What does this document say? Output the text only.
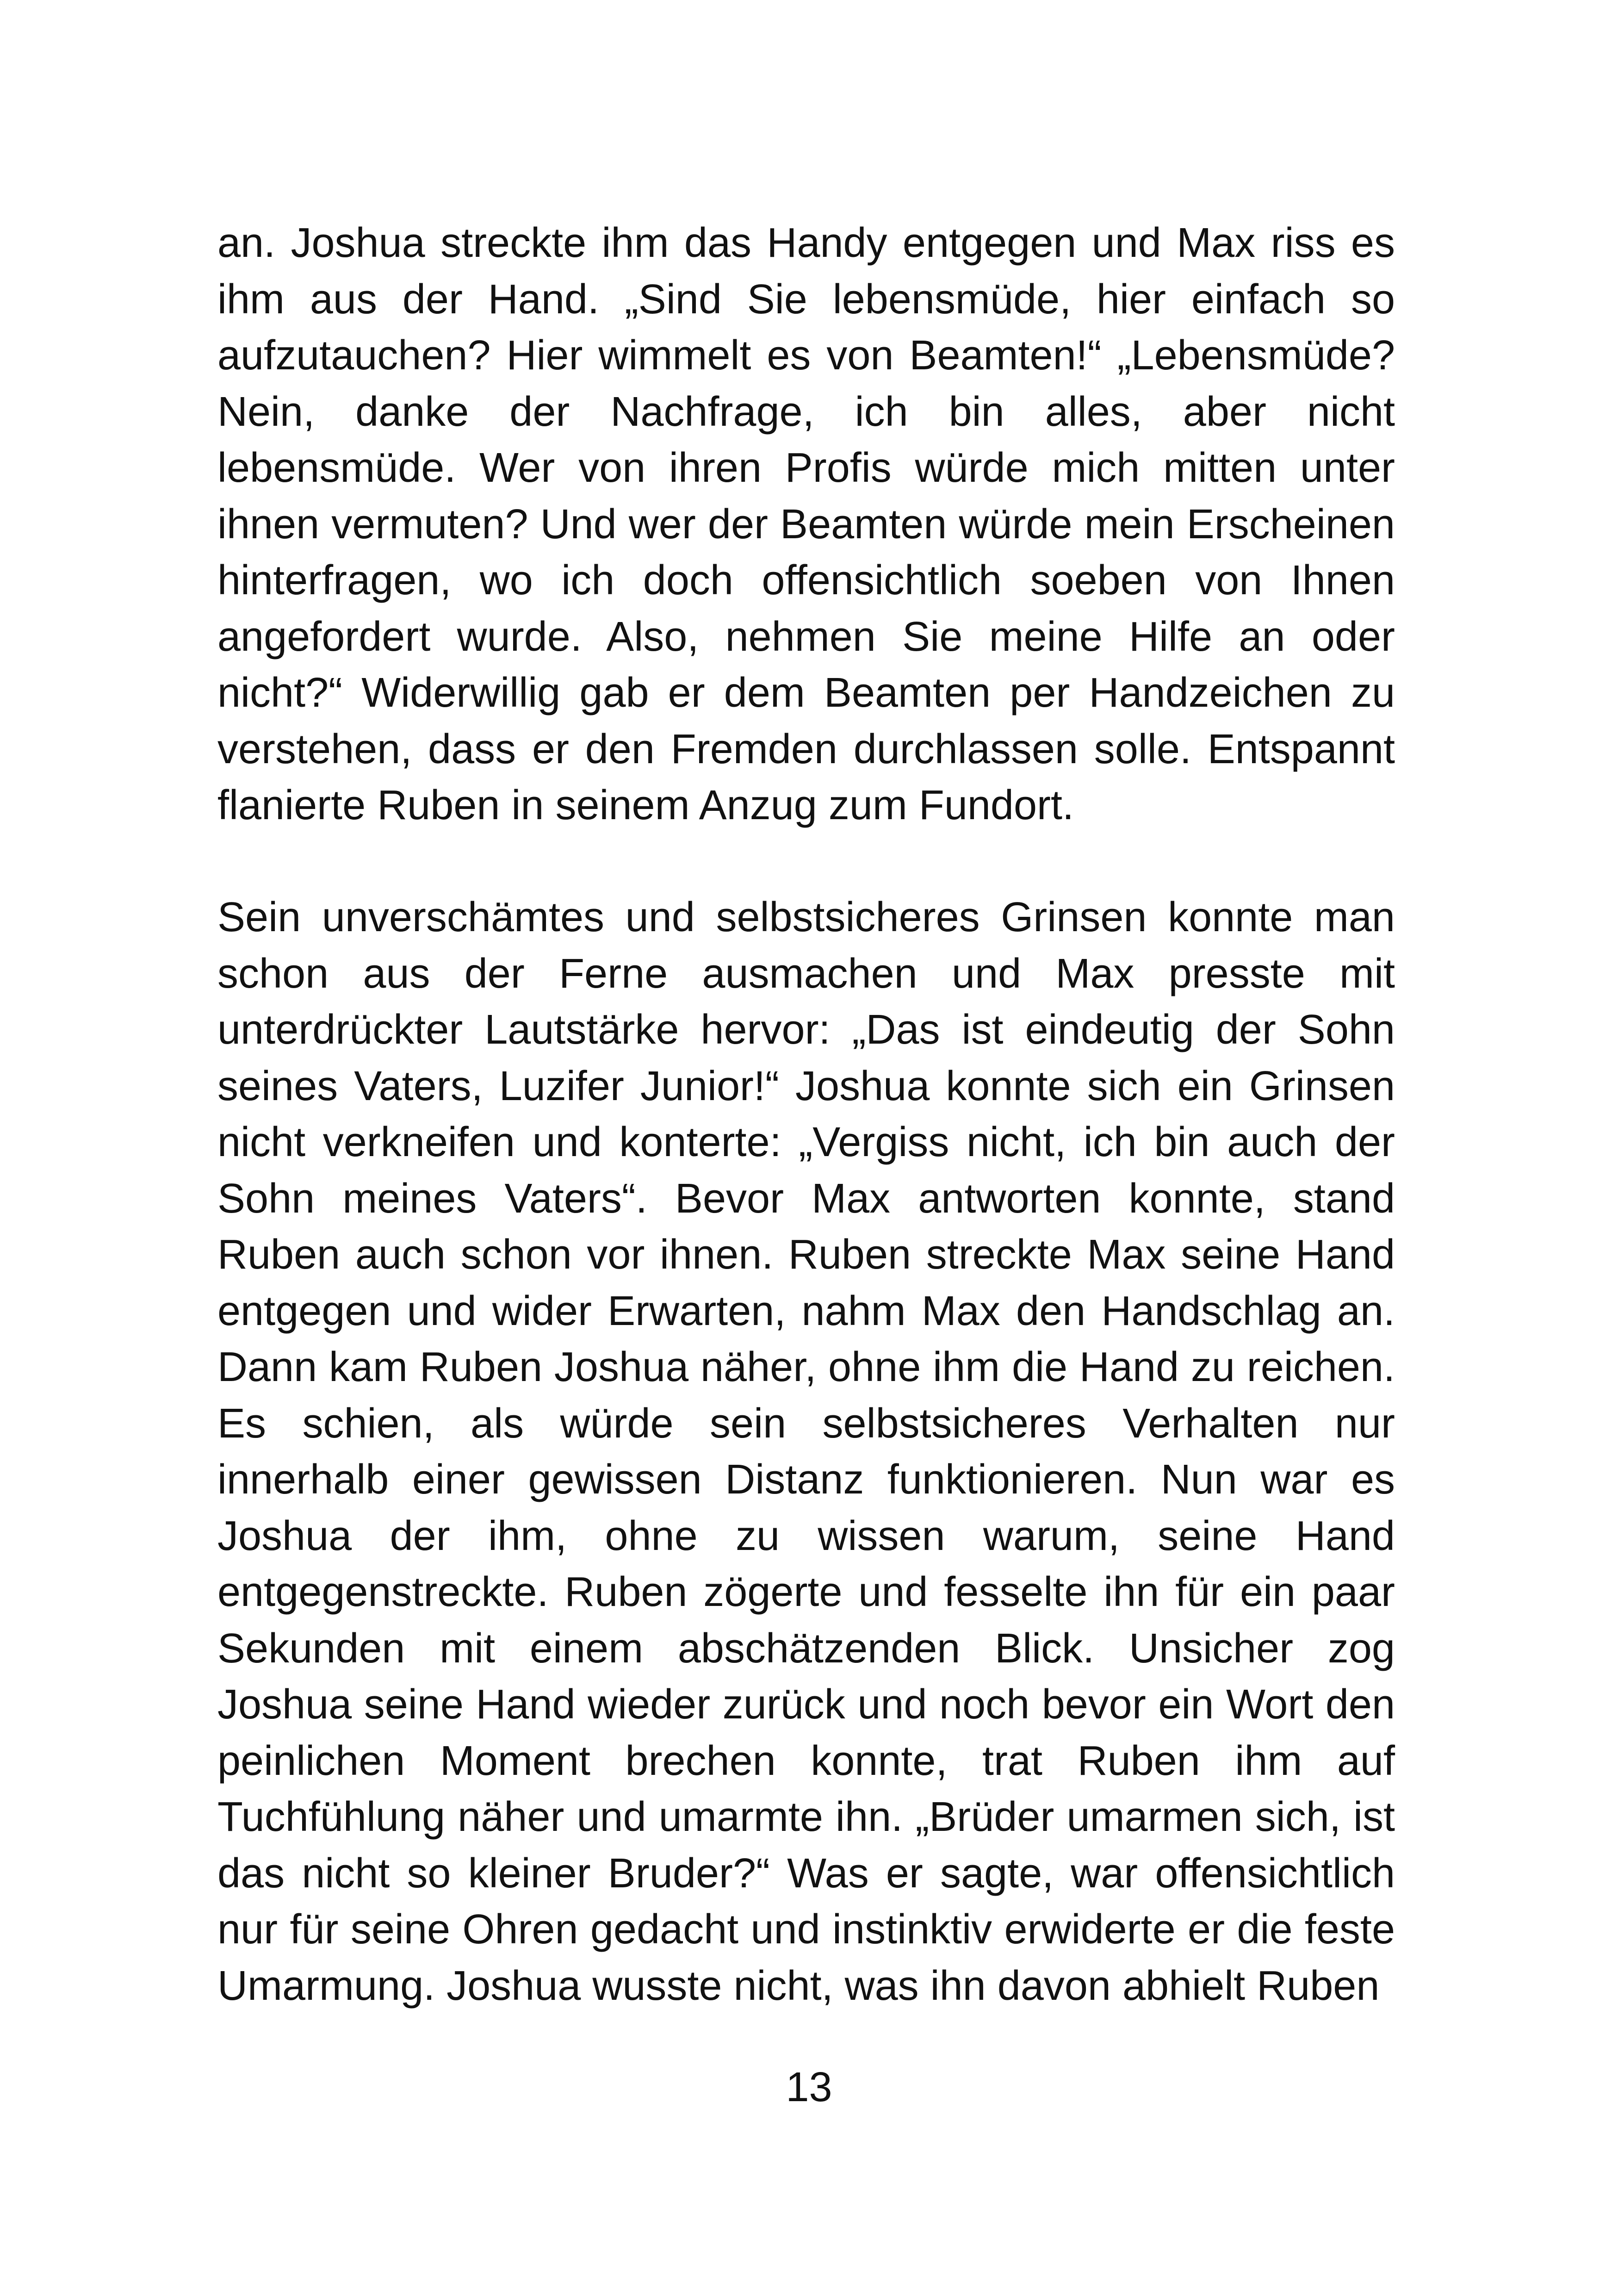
an. Joshua streckte ihm das Handy entgegen und Max riss es ihm aus der Hand. „Sind Sie lebensmüde, hier einfach so aufzutauchen? Hier wimmelt es von Beamten!“ „Lebensmüde? Nein, danke der Nachfrage, ich bin alles, aber nicht lebensmüde. Wer von ihren Profis würde mich mitten unter ihnen vermuten? Und wer der Beamten würde mein Erscheinen hinterfragen, wo ich doch offensichtlich soeben von Ihnen angefordert wurde. Also, nehmen Sie meine Hilfe an oder nicht?“ Widerwillig gab er dem Beamten per Handzeichen zu verstehen, dass er den Fremden durchlassen solle. Entspannt flanierte Ruben in seinem Anzug zum Fundort.

Sein unverschämtes und selbstsicheres Grinsen konnte man schon aus der Ferne ausmachen und Max presste mit unterdrückter Lautstärke hervor: „Das ist eindeutig der Sohn seines Vaters, Luzifer Junior!“ Joshua konnte sich ein Grinsen nicht verkneifen und konterte: „Vergiss nicht, ich bin auch der Sohn meines Vaters“. Bevor Max antworten konnte, stand Ruben auch schon vor ihnen. Ruben streckte Max seine Hand entgegen und wider Erwarten, nahm Max den Handschlag an. Dann kam Ruben Joshua näher, ohne ihm die Hand zu reichen. Es schien, als würde sein selbstsicheres Verhalten nur innerhalb einer gewissen Distanz funktionieren. Nun war es Joshua der ihm, ohne zu wissen warum, seine Hand entgegenstreckte. Ruben zögerte und fesselte ihn für ein paar Sekunden mit einem abschätzenden Blick. Unsicher zog Joshua seine Hand wieder zurück und noch bevor ein Wort den peinlichen Moment brechen konnte, trat Ruben ihm auf Tuchfühlung näher und umarmte ihn. „Brüder umarmen sich, ist das nicht so kleiner Bruder?“ Was er sagte, war offensichtlich nur für seine Ohren gedacht und instinktiv erwiderte er die feste Umarmung. Joshua wusste nicht, was ihn davon abhielt Ruben

13
